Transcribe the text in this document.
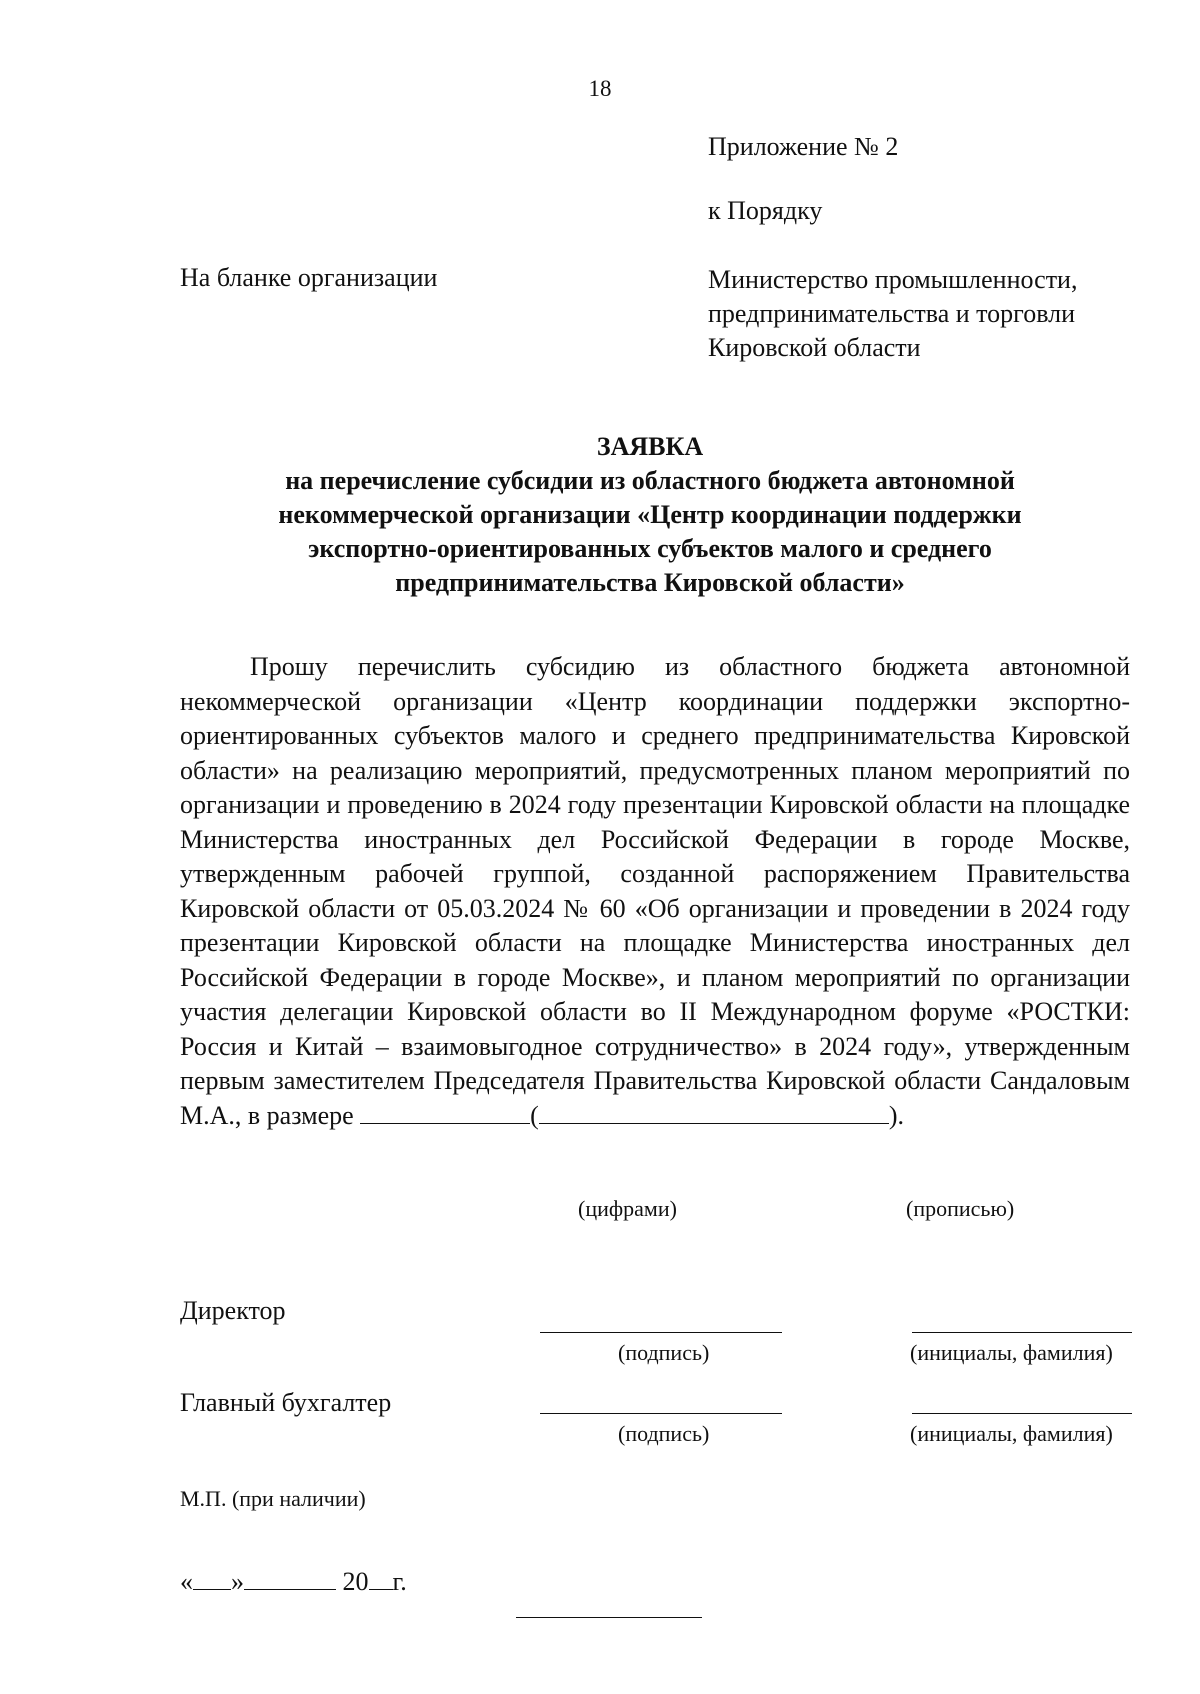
18
Приложение № 2
к Порядку
На бланке организации	Министерство промышленности,
предпринимательства и торговли
Кировской области
ЗАЯВКА
на перечисление субсидии из областного бюджета автономной
некоммерческой организации «Центр координации поддержки
экспортно-ориентированных субъектов малого и среднего
предпринимательства Кировской области»

Прошу перечислить субсидию из областного бюджета автономной некоммерческой организации «Центр координации поддержки экспортно-ориентированных субъектов малого и среднего предпринимательства Кировской области» на реализацию мероприятий, предусмотренных планом мероприятий по организации и проведению в 2024 году презентации Кировской области на площадке Министерства иностранных дел Российской Федерации в городе Москве, утвержденным рабочей группой, созданной распоряжением Правительства Кировской области от 05.03.2024 № 60 «Об организации и проведении в 2024 году презентации Кировской области на площадке Министерства иностранных дел Российской Федерации в городе Москве», и планом мероприятий по организации участия делегации Кировской области во II Международном форуме «РОСТКИ: Россия и Китай – взаимовыгодное сотрудничество» в 2024 году», утвержденным первым заместителем Председателя Правительства Кировской области Сандаловым М.А., в размере	(	).

(цифрами)	(прописью)
Директор
(подпись)	(инициалы, фамилия)
Главный бухгалтер
(подпись)	(инициалы, фамилия)
М.П. (при наличии)
« »	20 г.
